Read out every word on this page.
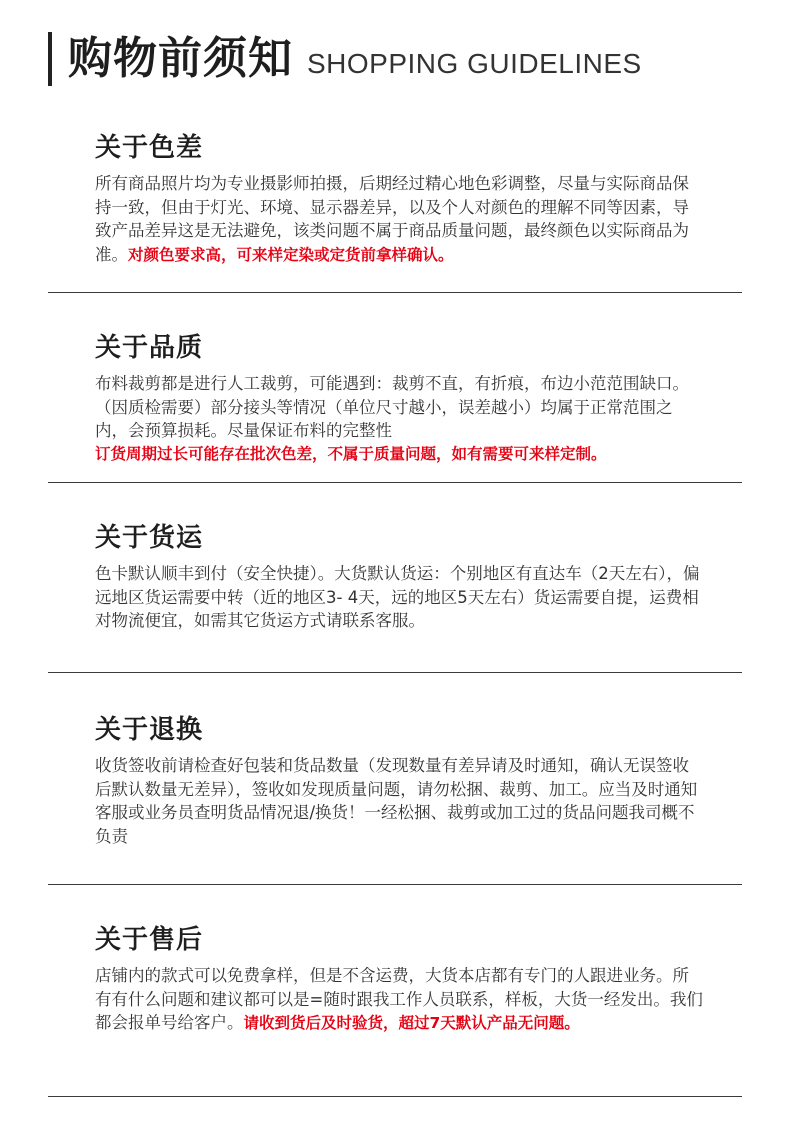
购物前须知 SHOPPING GUIDELINES
关于色差

所有商品照片均为专业摄影师拍摄，后期经过精心地色彩调整，尽量与实际商品保持一致，但由于灯光、环境、显示器差异，以及个人对颜色的理解不同等因素，导致产品差异这是无法避免，该类问题不属于商品质量问题，最终颜色以实际商品为准。对颜色要求高，可来样定染或定货前拿样确认。

关于品质

布料裁剪都是进行人工裁剪，可能遇到：裁剪不直，有折痕，布边小范范围缺口。（因质检需要）部分接头等情况（单位尺寸越小，误差越小）均属于正常范围之内，会预算损耗。尽量保证布料的完整性
订货周期过长可能存在批次色差，不属于质量问题，如有需要可来样定制。

关于货运

色卡默认顺丰到付（安全快捷）。大货默认货运：个别地区有直达车（2天左右），偏远地区货运需要中转（近的地区3- 4天，远的地区5天左右）货运需要自提，运费相对物流便宜，如需其它货运方式请联系客服。

关于退换

收货签收前请检查好包装和货品数量（发现数量有差异请及时通知，确认无误签收后默认数量无差异），签收如发现质量问题，请勿松捆、裁剪、加工。应当及时通知客服或业务员查明货品情况退/换货！一经松捆、裁剪或加工过的货品问题我司概不负责

关于售后

店铺内的款式可以免费拿样，但是不含运费，大货本店都有专门的人跟进业务。所有有什么问题和建议都可以是=随时跟我工作人员联系，样板，大货一经发出。我们都会报单号给客户。请收到货后及时验货，超过7天默认产品无问题。
